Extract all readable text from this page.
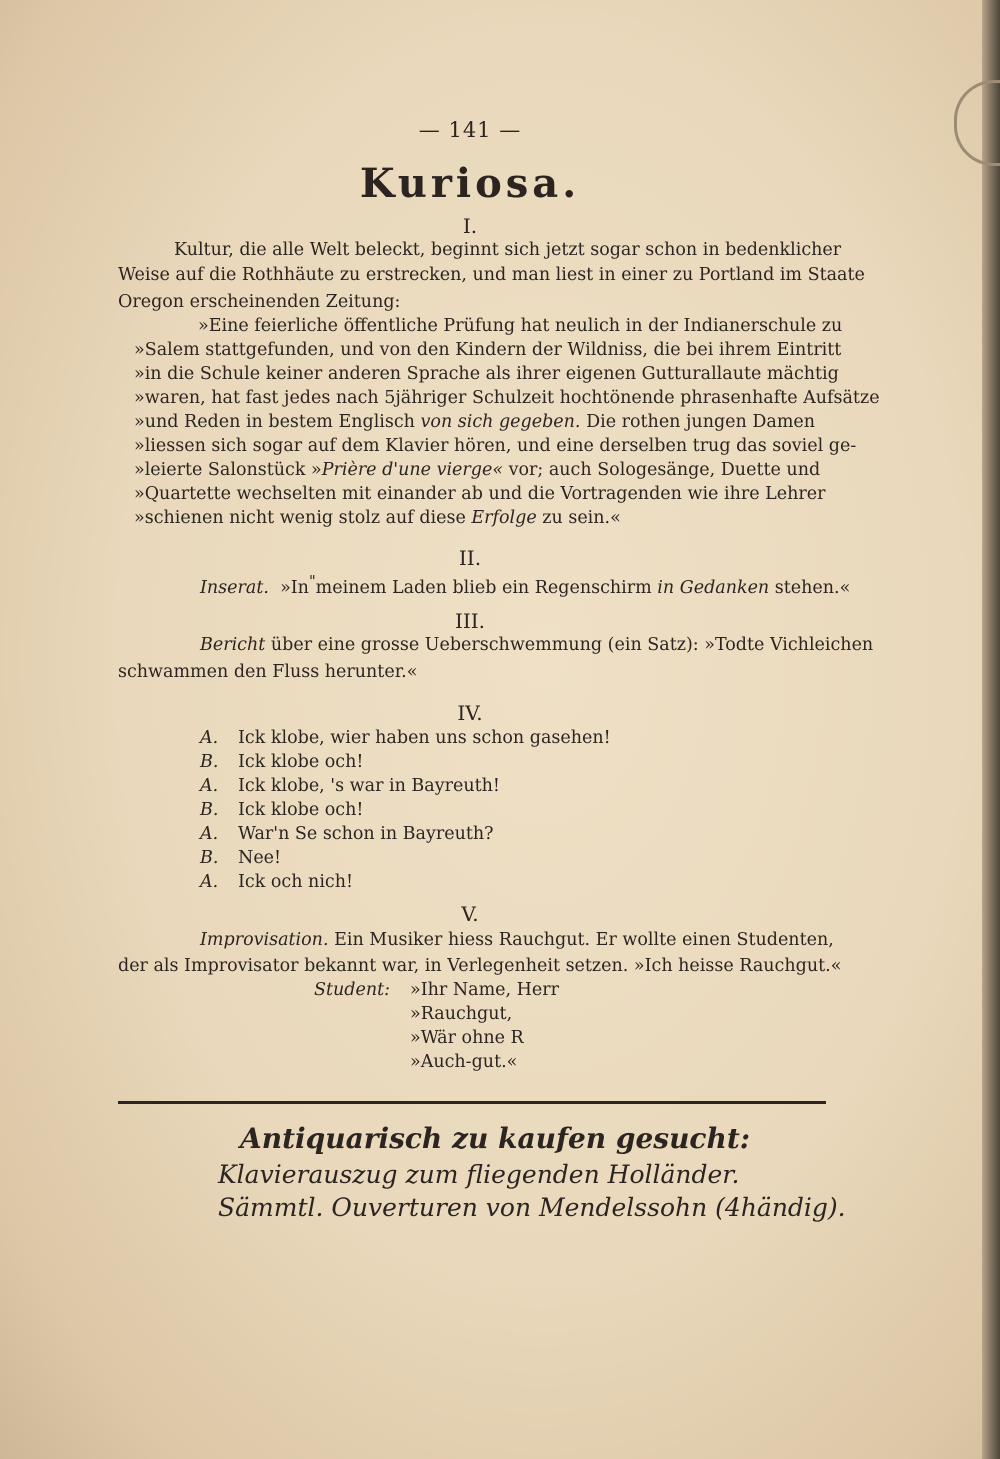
— 141 —
Kuriosa.
I.
Kultur, die alle Welt beleckt, beginnt sich jetzt sogar schon in bedenklicher
Weise auf die Rothhäute zu erstrecken, und man liest in einer zu Portland im Staate
Oregon erscheinenden Zeitung:
»Eine feierliche öffentliche Prüfung hat neulich in der Indianerschule zu
»Salem stattgefunden, und von den Kindern der Wildniss, die bei ihrem Eintritt
»in die Schule keiner anderen Sprache als ihrer eigenen Gutturallaute mächtig
»waren, hat fast jedes nach 5jähriger Schulzeit hochtönende phrasenhafte Aufsätze
»und Reden in bestem Englisch von sich gegeben. Die rothen jungen Damen
»liessen sich sogar auf dem Klavier hören, und eine derselben trug das soviel ge-
»leierte Salonstück »Prière d'une vierge« vor; auch Sologesänge, Duette und
»Quartette wechselten mit einander ab und die Vortragenden wie ihre Lehrer
»schienen nicht wenig stolz auf diese Erfolge zu sein.«
II.
Inserat. »In"meinem Laden blieb ein Regenschirm in Gedanken stehen.«
III.
Bericht über eine grosse Ueberschwemmung (ein Satz): »Todte Vichleichen
schwammen den Fluss herunter.«
IV.
A. Ick klobe, wier haben uns schon gasehen!
B. Ick klobe och!
A. Ick klobe, 's war in Bayreuth!
B. Ick klobe och!
A. War'n Se schon in Bayreuth?
B. Nee!
A. Ick och nich!
V.
Improvisation. Ein Musiker hiess Rauchgut. Er wollte einen Studenten,
der als Improvisator bekannt war, in Verlegenheit setzen. »Ich heisse Rauchgut.«
Student: »Ihr Name, Herr
»Rauchgut,
»Wär ohne R
»Auch-gut.«
Antiquarisch zu kaufen gesucht:
Klavierauszug zum fliegenden Holländer.
Sämmtl. Ouverturen von Mendelssohn (4händig).
